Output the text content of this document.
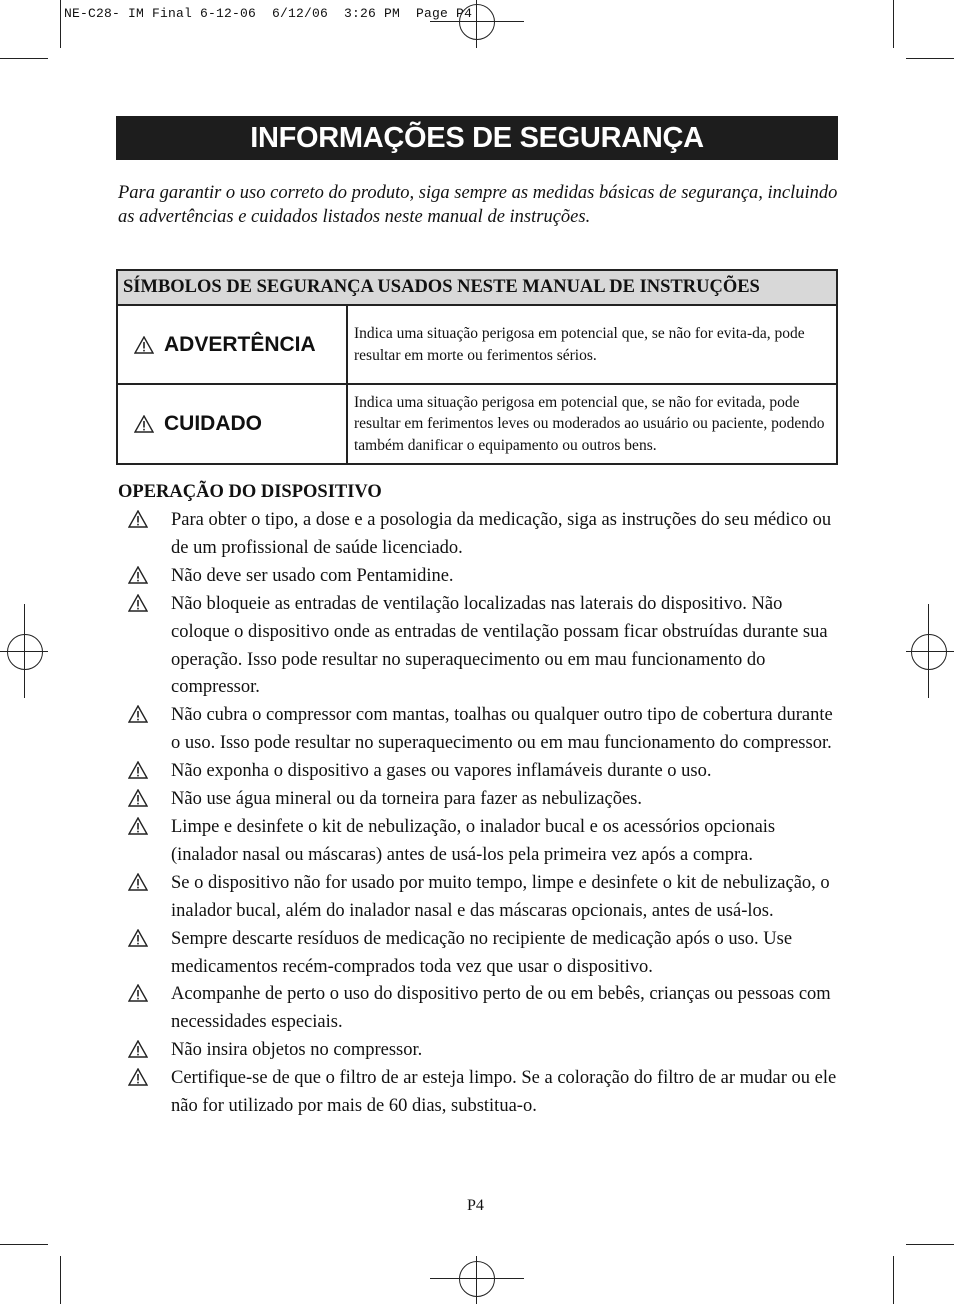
NE-C28- IM Final 6-12-06  6/12/06  3:26 PM  Page P4
INFORMAÇÕES DE SEGURANÇA
Para garantir o uso correto do produto, siga sempre as medidas básicas de segurança, incluindo as advertências e cuidados listados neste manual de instruções.
SÍMBOLOS DE SEGURANÇA USADOS NESTE MANUAL DE INSTRUÇÕES	

ADVERTÊNCIA	Indica uma situação perigosa em potencial que, se não for evita-da, pode resultar em morte ou ferimentos sérios.

CUIDADO	Indica uma situação perigosa em potencial que, se não for evitada, pode resultar em ferimentos leves ou moderados ao usuário ou paciente, podendo também danificar o equipamento ou outros bens.
OPERAÇÃO DO DISPOSITIVO
Para obter o tipo, a dose e a posologia da medicação, siga as instruções do seu médico ou de um profissional de saúde licenciado.
Não deve ser usado com Pentamidine.
Não bloqueie as entradas de ventilação localizadas nas laterais do dispositivo. Não coloque o dispositivo onde as entradas de ventilação possam ficar obstruídas durante sua operação. Isso pode resultar no superaquecimento ou em mau funcionamento do compressor.
Não cubra o compressor com mantas, toalhas ou qualquer outro tipo de cobertura durante o uso. Isso pode resultar no superaquecimento ou em mau funcionamento do compressor.
Não exponha o dispositivo a gases ou vapores inflamáveis durante o uso.
Não use água mineral ou da torneira para fazer as nebulizações.
Limpe e desinfete o kit de nebulização, o inalador bucal e os acessórios opcionais (inalador nasal ou máscaras) antes de usá-los pela primeira vez após a compra.
Se o dispositivo não for usado por muito tempo, limpe e desinfete o kit de nebulização, o inalador bucal, além do inalador nasal e das máscaras opcionais, antes de usá-los.
Sempre descarte resíduos de medicação no recipiente de medicação após o uso. Use medicamentos recém-comprados toda vez que usar o dispositivo.
Acompanhe de perto o uso do dispositivo perto de ou em bebês, crianças ou pessoas com necessidades especiais.
Não insira objetos no compressor.
Certifique-se de que o filtro de ar esteja limpo. Se a coloração do filtro de ar mudar ou ele não for utilizado por mais de 60 dias, substitua-o.
P4
